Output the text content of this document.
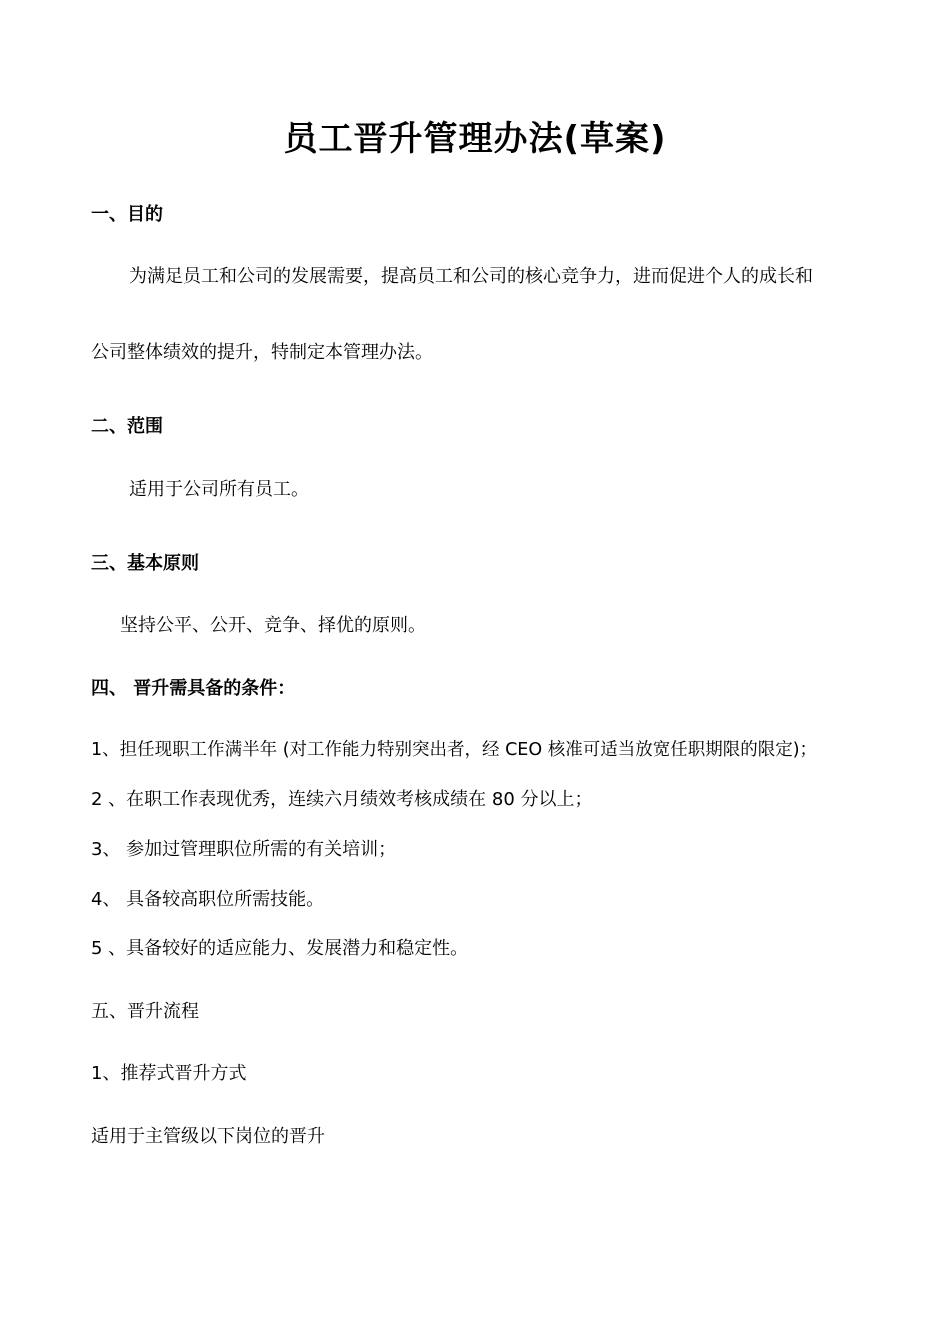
员工晋升管理办法(草案)
一、目的
为满足员工和公司的发展需要，提高员工和公司的核心竞争力，进而促进个人的成长和
公司整体绩效的提升，特制定本管理办法。
二、范围
适用于公司所有员工。
三、基本原则
坚持公平、公开、竞争、择优的原则。
四、 晋升需具备的条件：
1、担任现职工作满半年 (对工作能力特别突出者，经 CEO 核准可适当放宽任职期限的限定)；
2 、在职工作表现优秀，连续六月绩效考核成绩在 80 分以上；
3、 参加过管理职位所需的有关培训；
4、 具备较高职位所需技能。
5 、具备较好的适应能力、发展潜力和稳定性。
五、晋升流程
1、推荐式晋升方式
适用于主管级以下岗位的晋升
